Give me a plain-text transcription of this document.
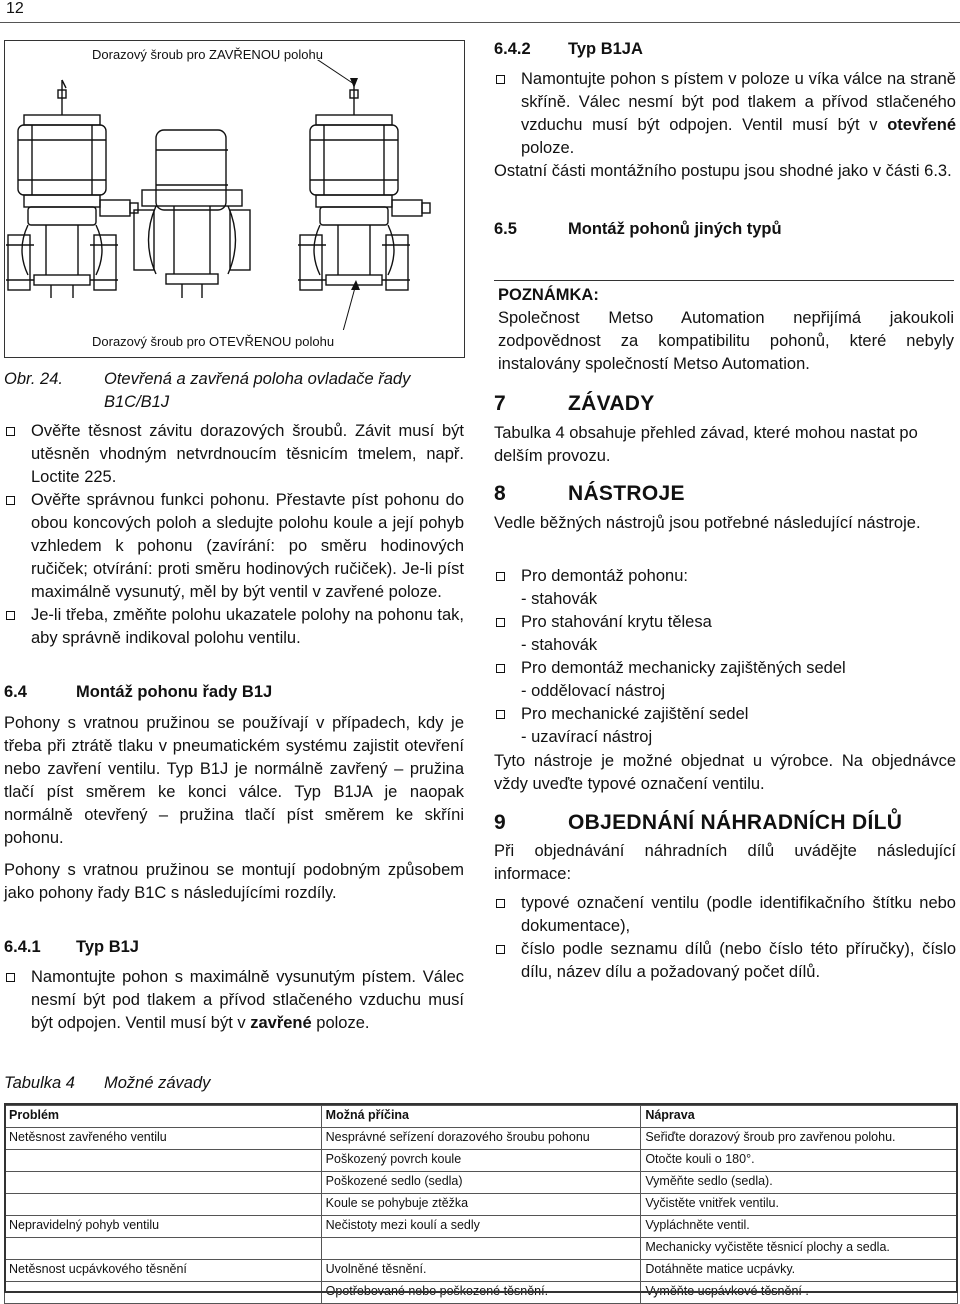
12
Dorazový šroub pro ZAVŘENOU polohu
Dorazový šroub pro OTEVŘENOU polohu
Obr. 24. Otevřená a zavřená poloha ovladače řady B1C/B1J

Ověřte těsnost závitu dorazových šroubů. Závit musí být utěsněn vhodným netvrdnoucím těsnicím tmelem, např. Loctite 225.

Ověřte správnou funkci pohonu. Přestavte píst pohonu do obou koncových poloh a sledujte polohu koule a její pohyb vzhledem k pohonu (zavírání: po směru hodinových ručiček; otvírání: proti směru hodinových ručiček). Je-li píst maximálně vysunutý, měl by být ventil v zavřené poloze.

Je-li třeba, změňte polohu ukazatele polohy na pohonu tak, aby správně indikoval polohu ventilu.

6.4	Montáž pohonu řady B1J

Pohony s vratnou pružinou se používají v případech, kdy je třeba při ztrátě tlaku v pneumatickém systému zajistit otevření nebo zavření ventilu. Typ B1J je normálně zavřený – pružina tlačí píst směrem ke konci válce. Typ B1JA je naopak normálně otevřený – pružina tlačí píst směrem ke skříni pohonu.

Pohony s vratnou pružinou se montují podobným způsobem jako pohony řady B1C s následujícími rozdíly.

6.4.1 Typ B1J

Namontujte pohon s maximálně vysunutým pístem. Válec nesmí být pod tlakem a přívod stlačeného vzduchu musí být odpojen. Ventil musí být v zavřené poloze.

6.4.2 Typ B1JA

Namontujte pohon s pístem v poloze u víka válce na straně skříně. Válec nesmí být pod tlakem a přívod stlačeného vzduchu musí být odpojen. Ventil musí být v otevřené poloze.

Ostatní části montážního postupu jsou shodné jako v části 6.3.

6.5	Montáž pohonů jiných typů

POZNÁMKA:

Společnost Metso Automation nepřijímá jakoukoli zodpovědnost za kompatibilitu pohonů, které nebyly instalovány společností Metso Automation.

7	ZÁVADY
Tabulka 4 obsahuje přehled závad, které mohou nastat po delším provozu.
8	NÁSTROJE
Vedle běžných nástrojů jsou potřebné následující nástroje.

Pro demontáž pohonu:

- stahovák

Pro stahování krytu tělesa

- stahovák

Pro demontáž mechanicky zajištěných sedel

- oddělovací nástroj

Pro mechanické zajištění sedel

- uzavírací nástroj

Tyto nástroje je možné objednat u výrobce. Na objednávce vždy uveďte typové označení ventilu.
9	OBJEDNÁNÍ NÁHRADNÍCH DÍLŮ
Při objednávání náhradních dílů uvádějte následující informace:

typové označení ventilu (podle identifikačního štítku nebo dokumentace),

číslo podle seznamu dílů (nebo číslo této příručky), číslo dílu, název dílu a požadovaný počet dílů.

Tabulka 4 Možné závady
Problém	Možná příčina	Náprava
Netěsnost zavřeného ventilu	Nesprávné seřízení dorazového šroubu pohonu	Seřiďte dorazový šroub pro zavřenou polohu.
	Poškozený povrch koule	Otočte kouli o 180°.
	Poškozené sedlo (sedla)	Vyměňte sedlo (sedla).
	Koule se pohybuje ztěžka	Vyčistěte vnitřek ventilu.
Nepravidelný pohyb ventilu	Nečistoty mezi koulí a sedly	Vypláchněte ventil.
		Mechanicky vyčistěte těsnicí plochy a sedla.
Netěsnost ucpávkového těsnění	Uvolněné těsnění.	Dotáhněte matice ucpávky.
	Opotřebované nebo poškozené těsnění.	Vyměňte ucpávkové těsnění .
